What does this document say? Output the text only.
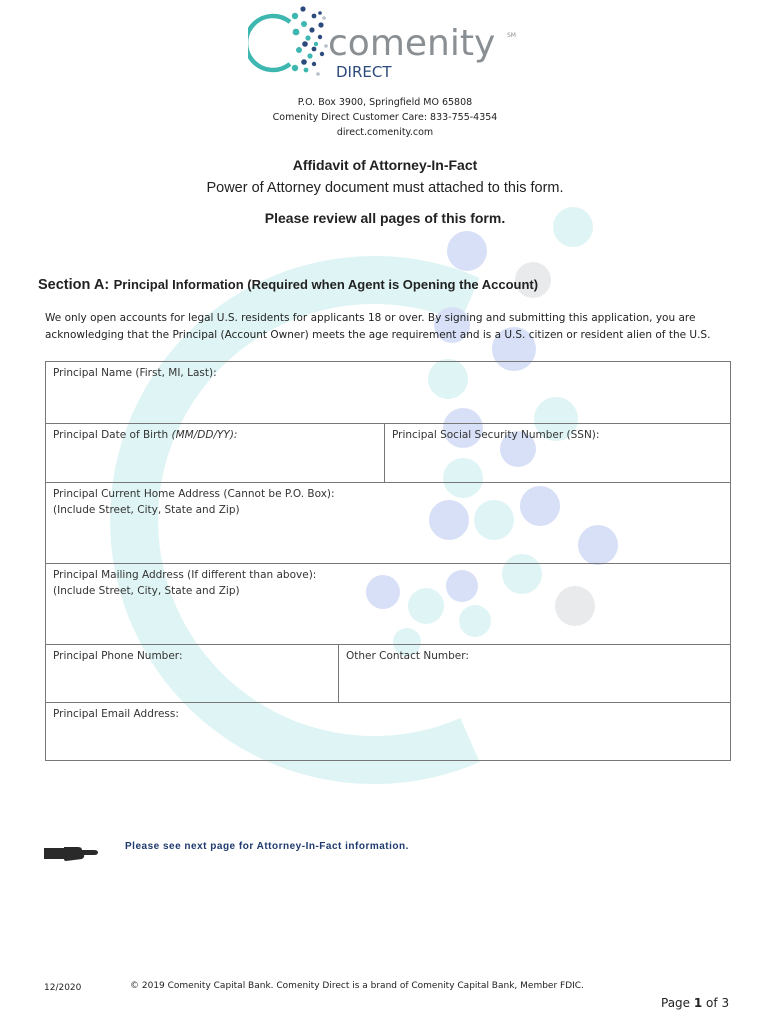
comenity SM
DIRECT
P.O. Box 3900, Springfield MO 65808
Comenity Direct Customer Care: 833-755-4354
direct.comenity.com
Affidavit of Attorney-In-Fact
Power of Attorney document must attached to this form.
Please review all pages of this form.
Section A: Principal Information (Required when Agent is Opening the Account)
We only open accounts for legal U.S. residents for applicants 18 or over. By signing and submitting this application, you are
acknowledging that the Principal (Account Owner) meets the age requirement and is a U.S. citizen or resident alien of the U.S.
Principal Name (First, MI, Last):
Principal Date of Birth (MM/DD/YY):	Principal Social Security Number (SSN):
Principal Current Home Address (Cannot be P.O. Box):
(Include Street, City, State and Zip)
Principal Mailing Address (If different than above):
(Include Street, City, State and Zip)
Principal Phone Number:	Other Contact Number:
Principal Email Address:
Please see next page for Attorney-In-Fact information.
12/2020	© 2019 Comenity Capital Bank. Comenity Direct is a brand of Comenity Capital Bank, Member FDIC.
Page 1 of 3
